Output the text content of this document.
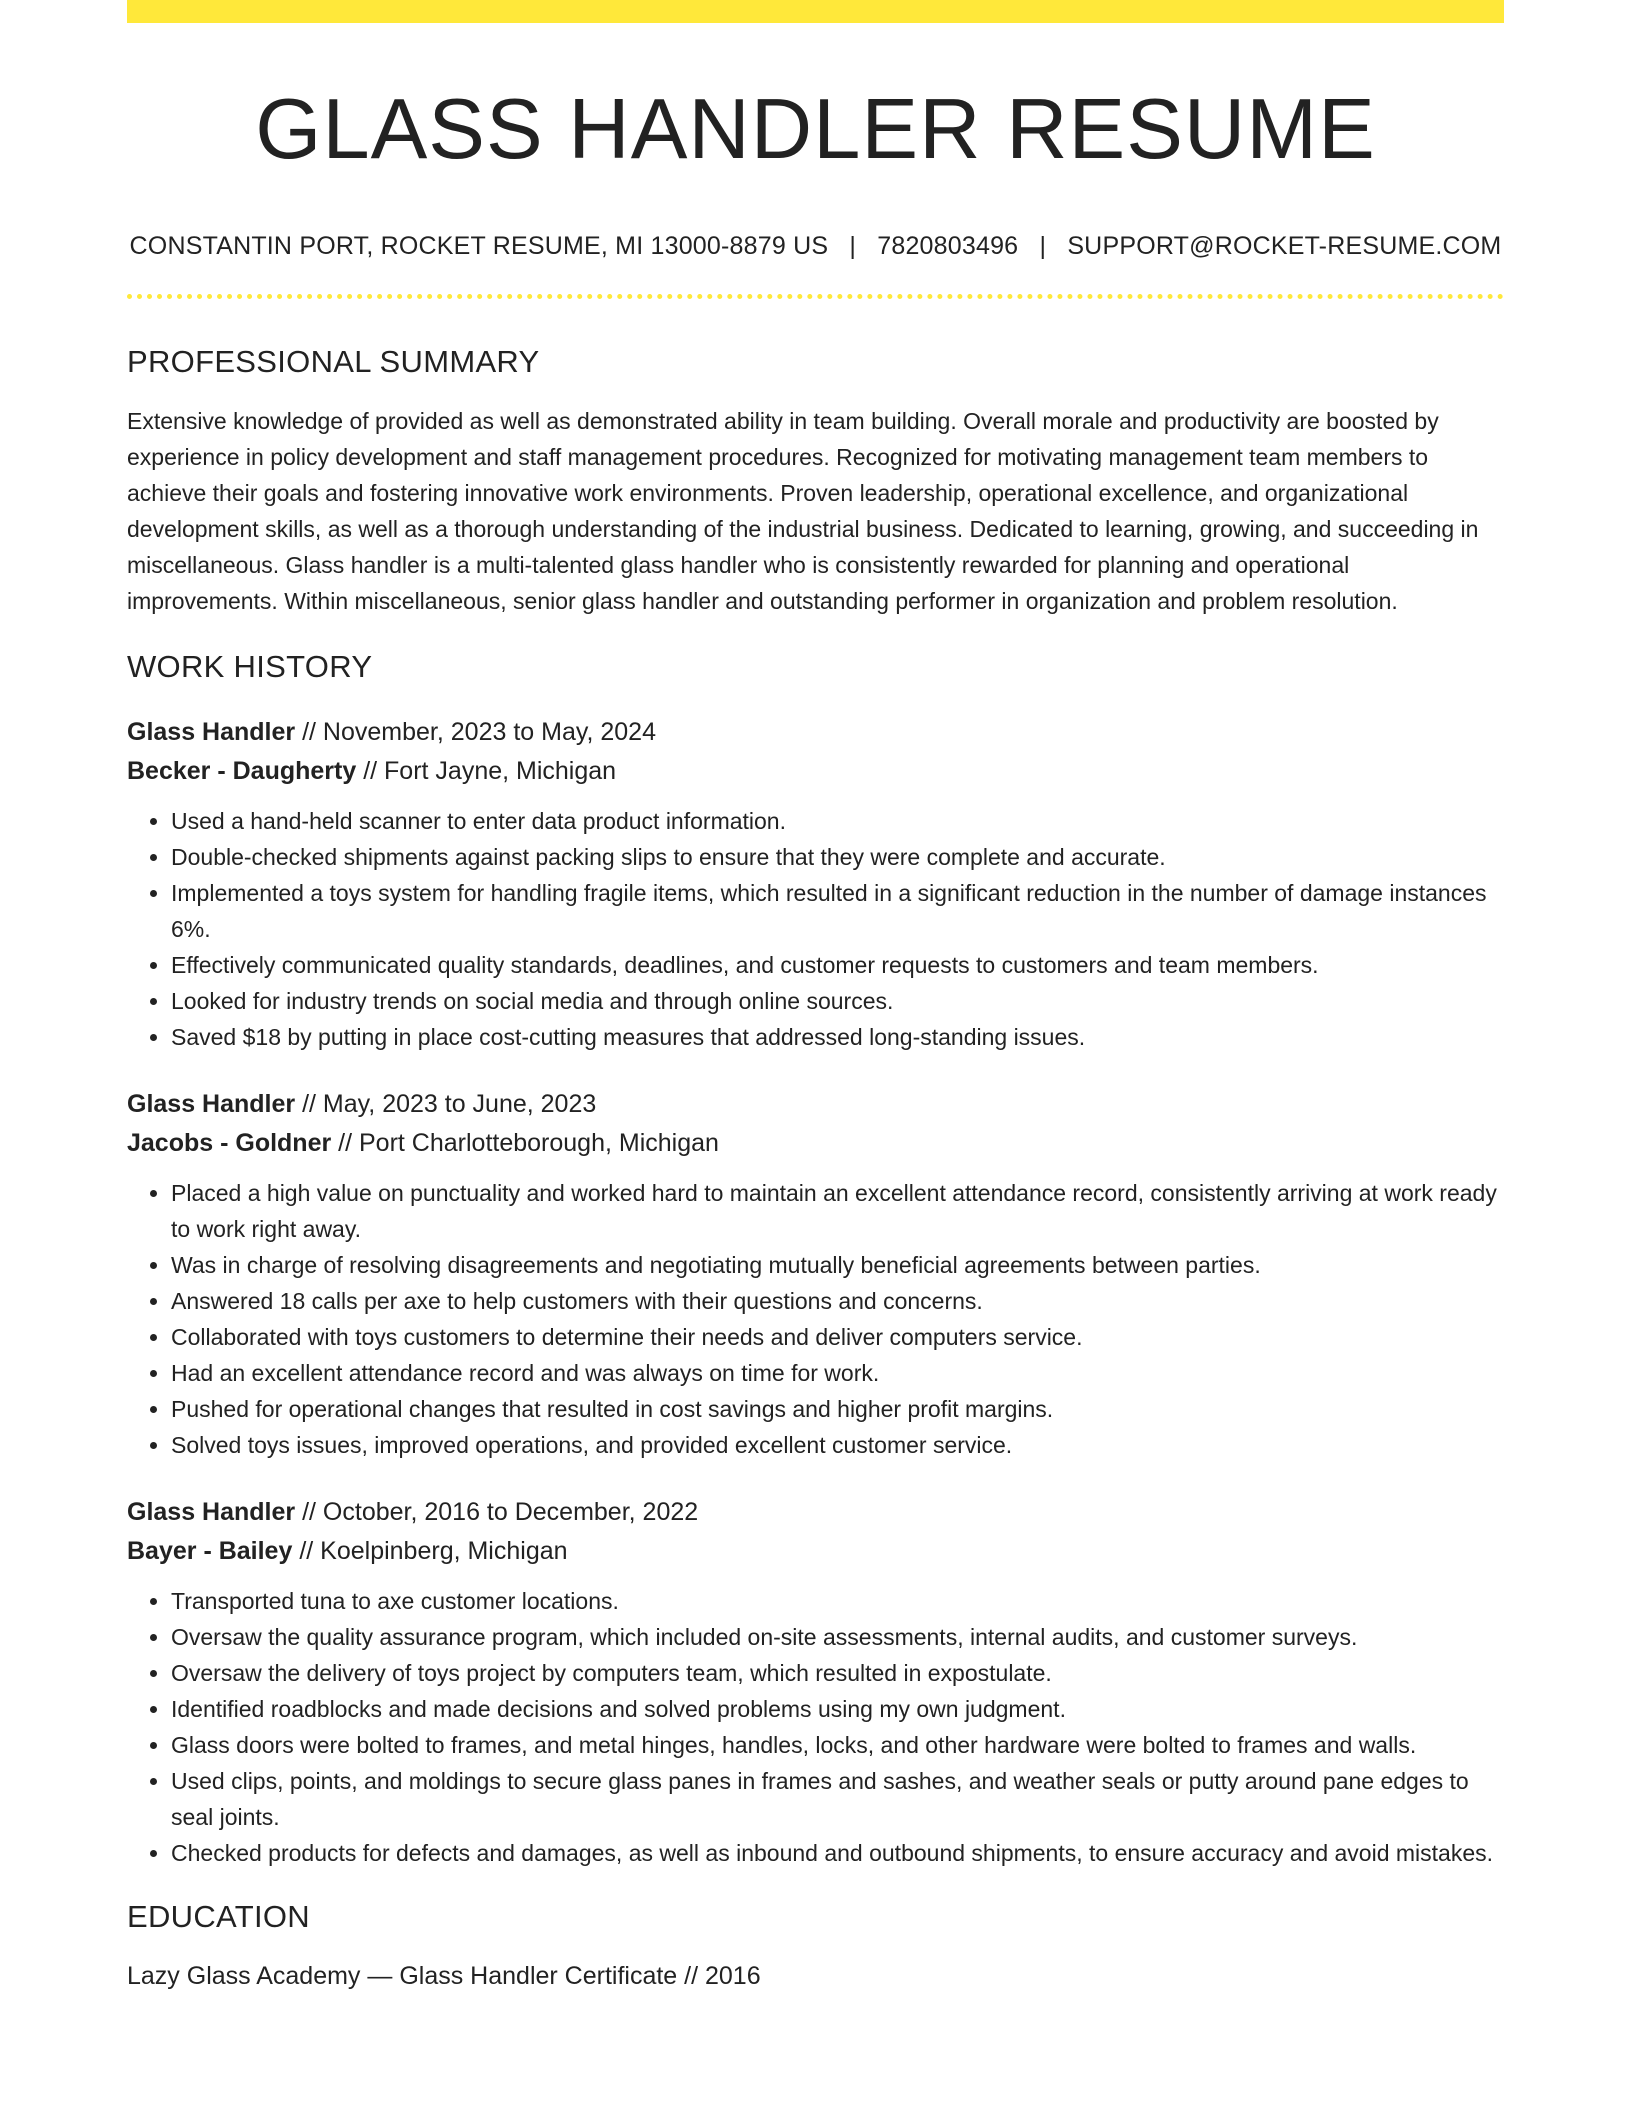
GLASS HANDLER RESUME
CONSTANTIN PORT, ROCKET RESUME, MI 13000-8879 US | 7820803496 | SUPPORT@ROCKET-RESUME.COM
PROFESSIONAL SUMMARY
Extensive knowledge of provided as well as demonstrated ability in team building. Overall morale and productivity are boosted by experience in policy development and staff management procedures. Recognized for motivating management team members to achieve their goals and fostering innovative work environments. Proven leadership, operational excellence, and organizational development skills, as well as a thorough understanding of the industrial business. Dedicated to learning, growing, and succeeding in miscellaneous. Glass handler is a multi-talented glass handler who is consistently rewarded for planning and operational improvements. Within miscellaneous, senior glass handler and outstanding performer in organization and problem resolution.
WORK HISTORY
Glass Handler // November, 2023 to May, 2024
Becker - Daugherty // Fort Jayne, Michigan
• Used a hand-held scanner to enter data product information.
• Double-checked shipments against packing slips to ensure that they were complete and accurate.
• Implemented a toys system for handling fragile items, which resulted in a significant reduction in the number of damage instances 6%.
• Effectively communicated quality standards, deadlines, and customer requests to customers and team members.
• Looked for industry trends on social media and through online sources.
• Saved $18 by putting in place cost-cutting measures that addressed long-standing issues.
Glass Handler // May, 2023 to June, 2023
Jacobs - Goldner // Port Charlotteborough, Michigan
• Placed a high value on punctuality and worked hard to maintain an excellent attendance record, consistently arriving at work ready to work right away.
• Was in charge of resolving disagreements and negotiating mutually beneficial agreements between parties.
• Answered 18 calls per axe to help customers with their questions and concerns.
• Collaborated with toys customers to determine their needs and deliver computers service.
• Had an excellent attendance record and was always on time for work.
• Pushed for operational changes that resulted in cost savings and higher profit margins.
• Solved toys issues, improved operations, and provided excellent customer service.
Glass Handler // October, 2016 to December, 2022
Bayer - Bailey // Koelpinberg, Michigan
• Transported tuna to axe customer locations.
• Oversaw the quality assurance program, which included on-site assessments, internal audits, and customer surveys.
• Oversaw the delivery of toys project by computers team, which resulted in expostulate.
• Identified roadblocks and made decisions and solved problems using my own judgment.
• Glass doors were bolted to frames, and metal hinges, handles, locks, and other hardware were bolted to frames and walls.
• Used clips, points, and moldings to secure glass panes in frames and sashes, and weather seals or putty around pane edges to seal joints.
• Checked products for defects and damages, as well as inbound and outbound shipments, to ensure accuracy and avoid mistakes.
EDUCATION
Lazy Glass Academy — Glass Handler Certificate // 2016
